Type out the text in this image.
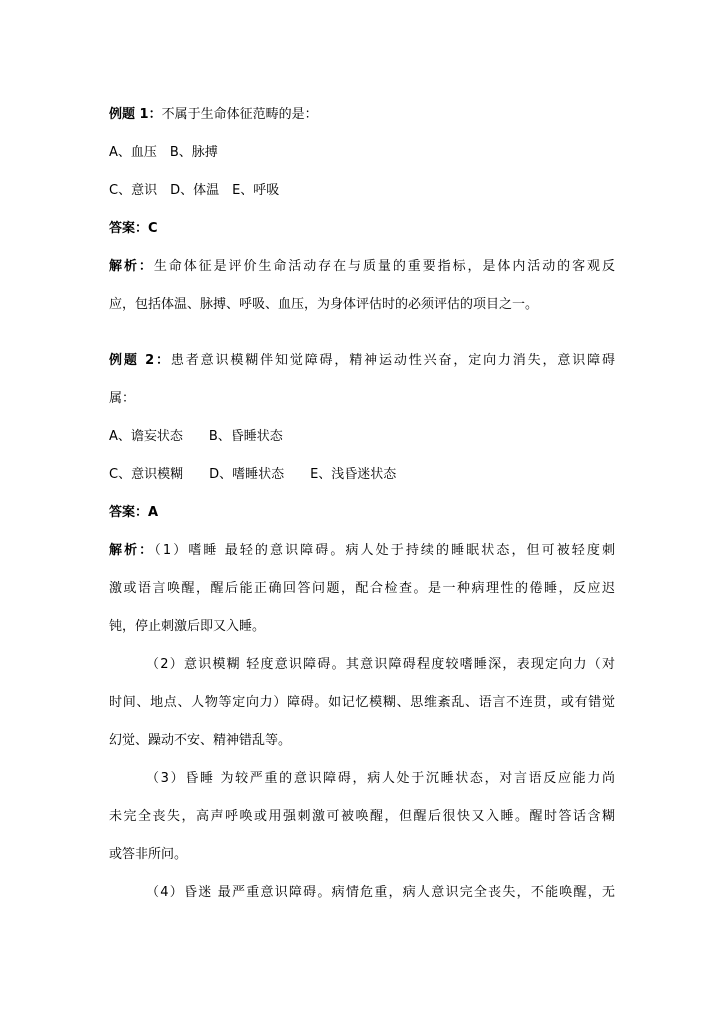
例题 1：不属于生命体征范畴的是：
A、血压　B、脉搏
C、意识　D、体温　E、呼吸
答案：C
解析：生命体征是评价生命活动存在与质量的重要指标，是体内活动的客观反
应，包括体温、脉搏、呼吸、血压，为身体评估时的必须评估的项目之一。
例题 2：患者意识模糊伴知觉障碍，精神运动性兴奋，定向力消失，意识障碍
属：
A、谵妄状态　　B、昏睡状态
C、意识模糊　　D、嗜睡状态　　E、浅昏迷状态
答案：A
解析：（1）嗜睡 最轻的意识障碍。病人处于持续的睡眠状态，但可被轻度刺
激或语言唤醒，醒后能正确回答问题，配合检查。是一种病理性的倦睡，反应迟
钝，停止刺激后即又入睡。
（2）意识模糊 轻度意识障碍。其意识障碍程度较嗜睡深，表现定向力（对
时间、地点、人物等定向力）障碍。如记忆模糊、思维紊乱、语言不连贯，或有错觉
幻觉、躁动不安、精神错乱等。
（3）昏睡 为较严重的意识障碍，病人处于沉睡状态，对言语反应能力尚
未完全丧失，高声呼唤或用强刺激可被唤醒，但醒后很快又入睡。醒时答话含糊
或答非所问。
（4）昏迷 最严重意识障碍。病情危重，病人意识完全丧失，不能唤醒，无
